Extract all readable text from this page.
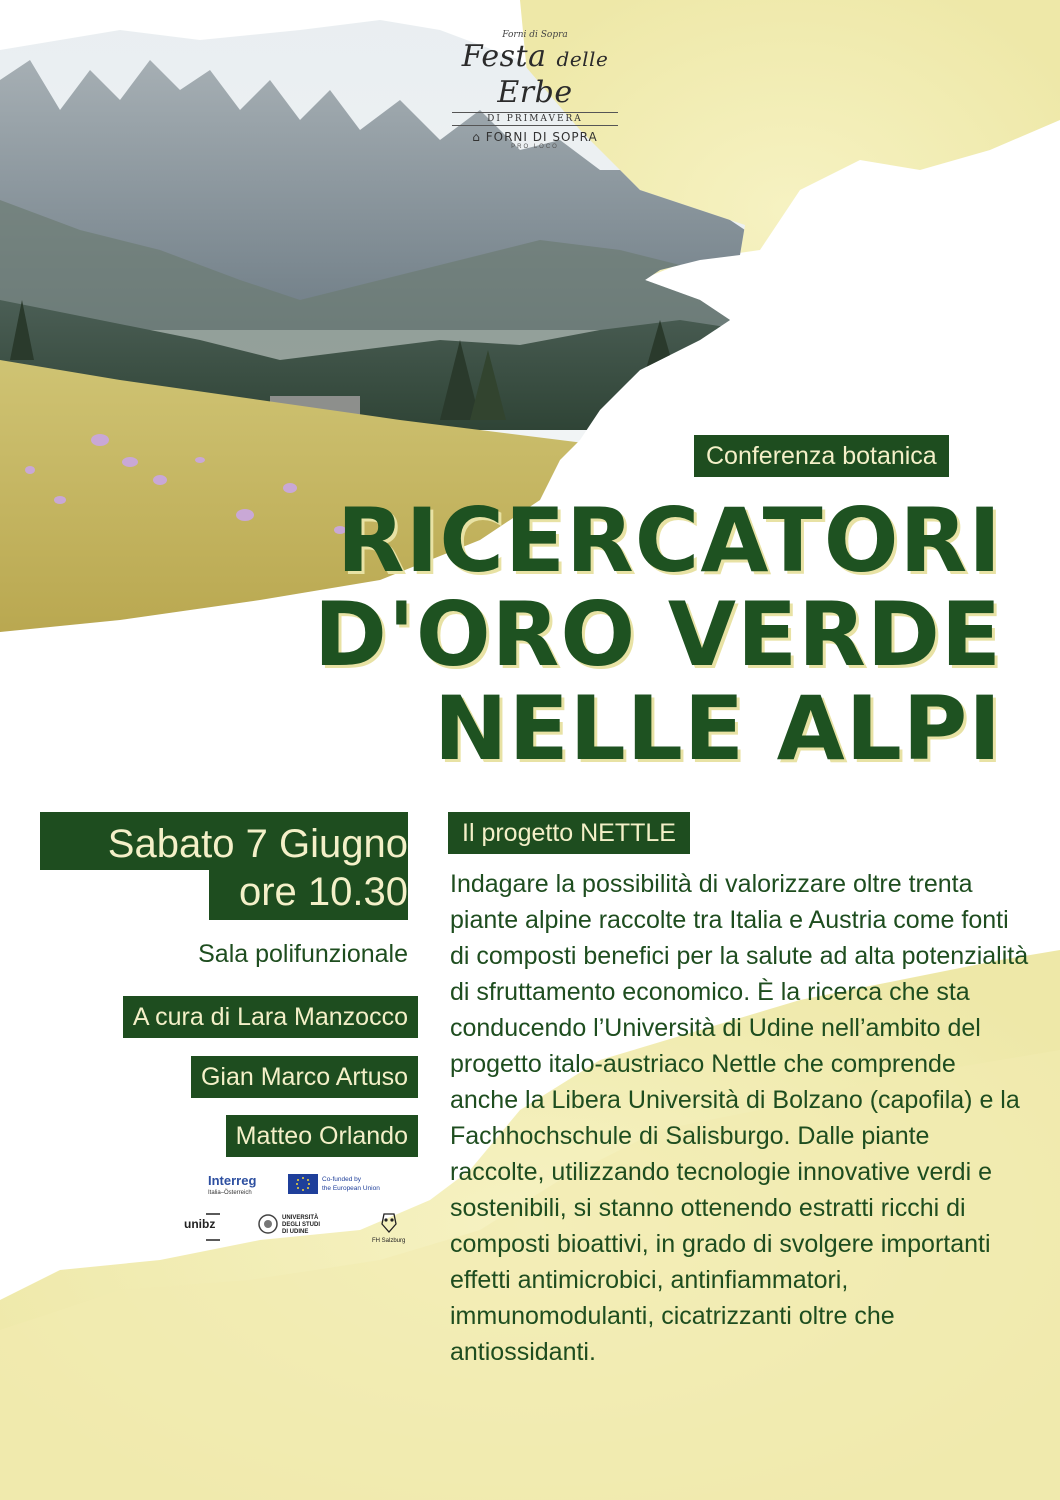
Forni di Sopra
Festa delle Erbe
DI PRIMAVERA
⌂ FORNI DI SOPRA
PRO LOCO
Conferenza botanica
RICERCATORI
D'ORO VERDE
NELLE ALPI
Sabato 7 Giugno
ore 10.30
Sala polifunzionale
A cura di Lara Manzocco
Gian Marco Artuso
Matteo Orlando
Interreg
Italia–Österreich
Co-funded by
the European Union
unibz	UNIVERSITÀ
DEGLI STUDI
DI UDINE
FH Salzburg
Il progetto NETTLE
Indagare la possibilità di valorizzare oltre trenta piante alpine raccolte tra Italia e Austria come fonti di composti benefici per la salute ad alta potenzialità di sfruttamento economico. È la ricerca che sta conducendo l’Università di Udine nell’ambito del progetto italo-austriaco Nettle che comprende anche la Libera Università di Bolzano (capofila) e la Fachhochschule di Salisburgo. Dalle piante raccolte, utilizzando tecnologie innovative verdi e sostenibili, si stanno ottenendo estratti ricchi di composti bioattivi, in grado di svolgere importanti effetti antimicrobici, antinfiammatori, immunomodulanti, cicatrizzanti oltre che antiossidanti.
